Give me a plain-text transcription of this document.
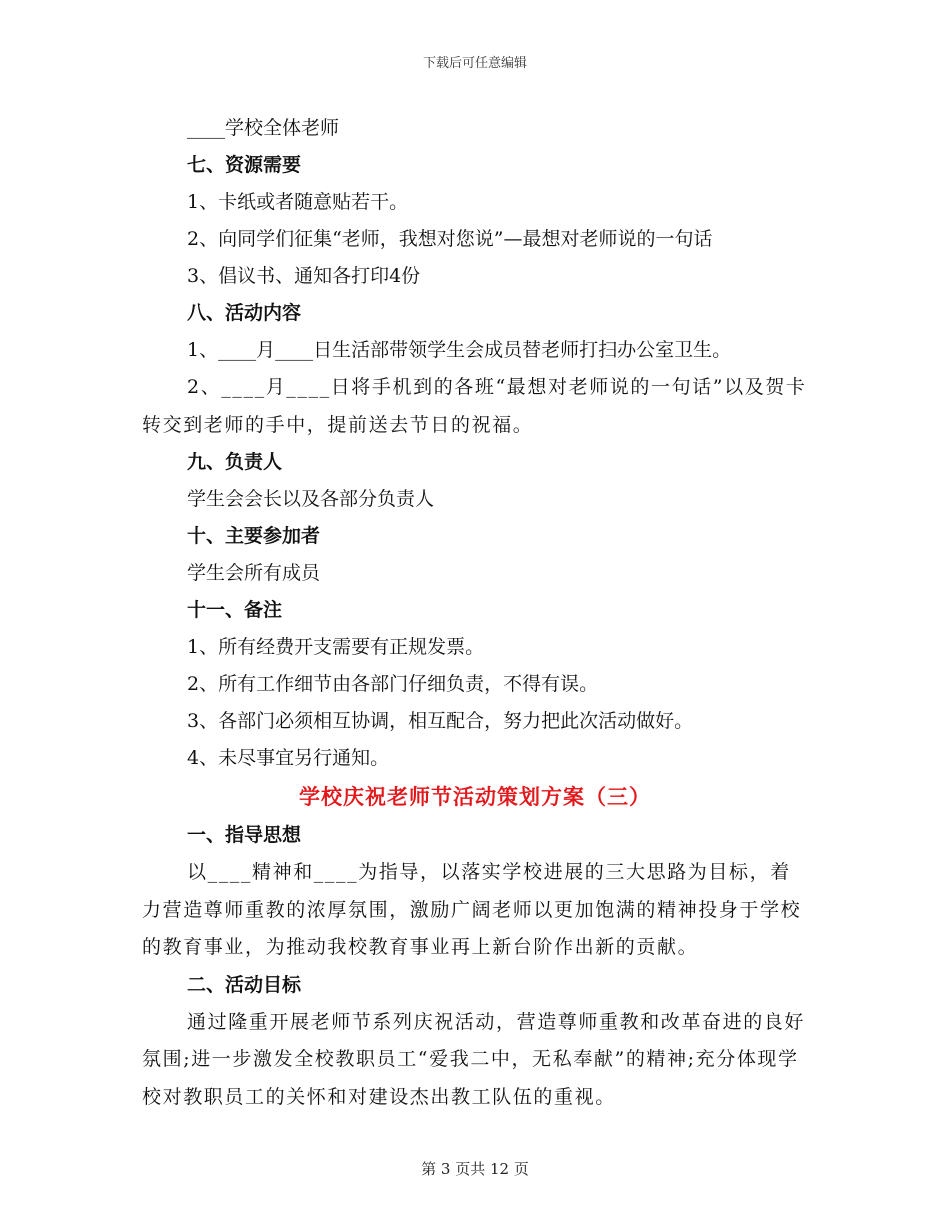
下载后可任意编辑
____学校全体老师
七、资源需要
1、卡纸或者随意贴若干。
2、向同学们征集“老师，我想对您说”—最想对老师说的一句话
3、倡议书、通知各打印4份
八、活动内容
1、____月____日生活部带领学生会成员替老师打扫办公室卫生。
2、____月____日将手机到的各班“最想对老师说的一句话”以及贺卡转交到老师的手中，提前送去节日的祝福。
九、负责人
学生会会长以及各部分负责人
十、主要参加者
学生会所有成员
十一、备注
1、所有经费开支需要有正规发票。
2、所有工作细节由各部门仔细负责，不得有误。
3、各部门必须相互协调，相互配合，努力把此次活动做好。
4、未尽事宜另行通知。
学校庆祝老师节活动策划方案（三）
一、指导思想
以____精神和____为指导，以落实学校进展的三大思路为目标，着力营造尊师重教的浓厚氛围，激励广阔老师以更加饱满的精神投身于学校的教育事业，为推动我校教育事业再上新台阶作出新的贡献。
二、活动目标
通过隆重开展老师节系列庆祝活动，营造尊师重教和改革奋进的良好氛围;进一步激发全校教职员工“爱我二中，无私奉献”的精神;充分体现学校对教职员工的关怀和对建设杰出教工队伍的重视。
第 3 页共 12 页
